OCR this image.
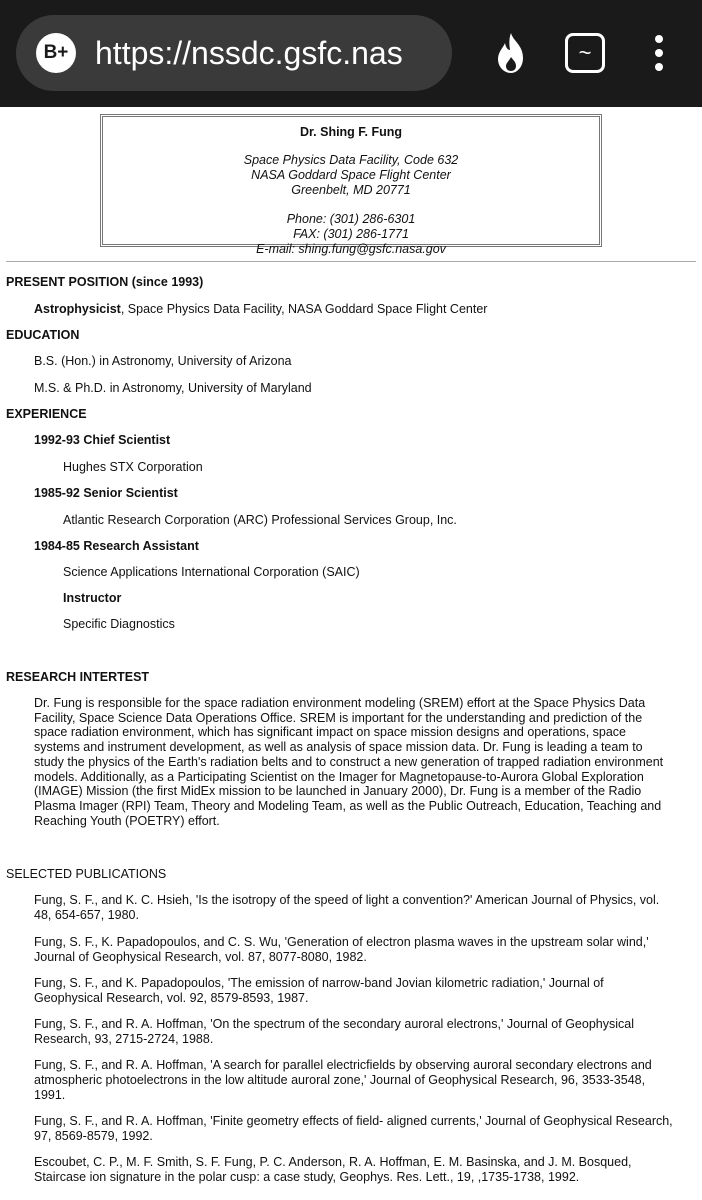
B+ https://nssdc.gsfc.nas	~
Dr. Shing F. Fung
Space Physics Data Facility, Code 632
NASA Goddard Space Flight Center
Greenbelt, MD 20771
Phone: (301) 286-6301
FAX: (301) 286-1771
E-mail: shing.fung@gsfc.nasa.gov
PRESENT POSITION (since 1993)
Astrophysicist, Space Physics Data Facility, NASA Goddard Space Flight Center
EDUCATION
B.S. (Hon.) in Astronomy, University of Arizona
M.S. & Ph.D. in Astronomy, University of Maryland
EXPERIENCE
1992-93 Chief Scientist
Hughes STX Corporation
1985-92 Senior Scientist
Atlantic Research Corporation (ARC) Professional Services Group, Inc.
1984-85 Research Assistant
Science Applications International Corporation (SAIC)
Instructor
Specific Diagnostics
RESEARCH INTERTEST
Dr. Fung is responsible for the space radiation environment modeling (SREM) effort at the Space Physics Data Facility, Space Science Data Operations Office. SREM is important for the understanding and prediction of the space radiation environment, which has significant impact on space mission designs and operations, space systems and instrument development, as well as analysis of space mission data. Dr. Fung is leading a team to study the physics of the Earth's radiation belts and to construct a new generation of trapped radiation environment models. Additionally, as a Participating Scientist on the Imager for Magnetopause-to-Aurora Global Exploration (IMAGE) Mission (the first MidEx mission to be launched in January 2000), Dr. Fung is a member of the Radio Plasma Imager (RPI) Team, Theory and Modeling Team, as well as the Public Outreach, Education, Teaching and Reaching Youth (POETRY) effort.
SELECTED PUBLICATIONS
Fung, S. F., and K. C. Hsieh, 'Is the isotropy of the speed of light a convention?' American Journal of Physics, vol. 48, 654-657, 1980.
Fung, S. F., K. Papadopoulos, and C. S. Wu, 'Generation of electron plasma waves in the upstream solar wind,' Journal of Geophysical Research, vol. 87, 8077-8080, 1982.
Fung, S. F., and K. Papadopoulos, 'The emission of narrow-band Jovian kilometric radiation,' Journal of Geophysical Research, vol. 92, 8579-8593, 1987.
Fung, S. F., and R. A. Hoffman, 'On the spectrum of the secondary auroral electrons,' Journal of Geophysical Research, 93, 2715-2724, 1988.
Fung, S. F., and R. A. Hoffman, 'A search for parallel electricfields by observing auroral secondary electrons and atmospheric photoelectrons in the low altitude auroral zone,' Journal of Geophysical Research, 96, 3533-3548, 1991.
Fung, S. F., and R. A. Hoffman, 'Finite geometry effects of field- aligned currents,' Journal of Geophysical Research, 97, 8569-8579, 1992.
Escoubet, C. P., M. F. Smith, S. F. Fung, P. C. Anderson, R. A. Hoffman, E. M. Basinska, and J. M. Bosqued, Staircase ion signature in the polar cusp: a case study, Geophys. Res. Lett., 19, ,1735-1738, 1992.
